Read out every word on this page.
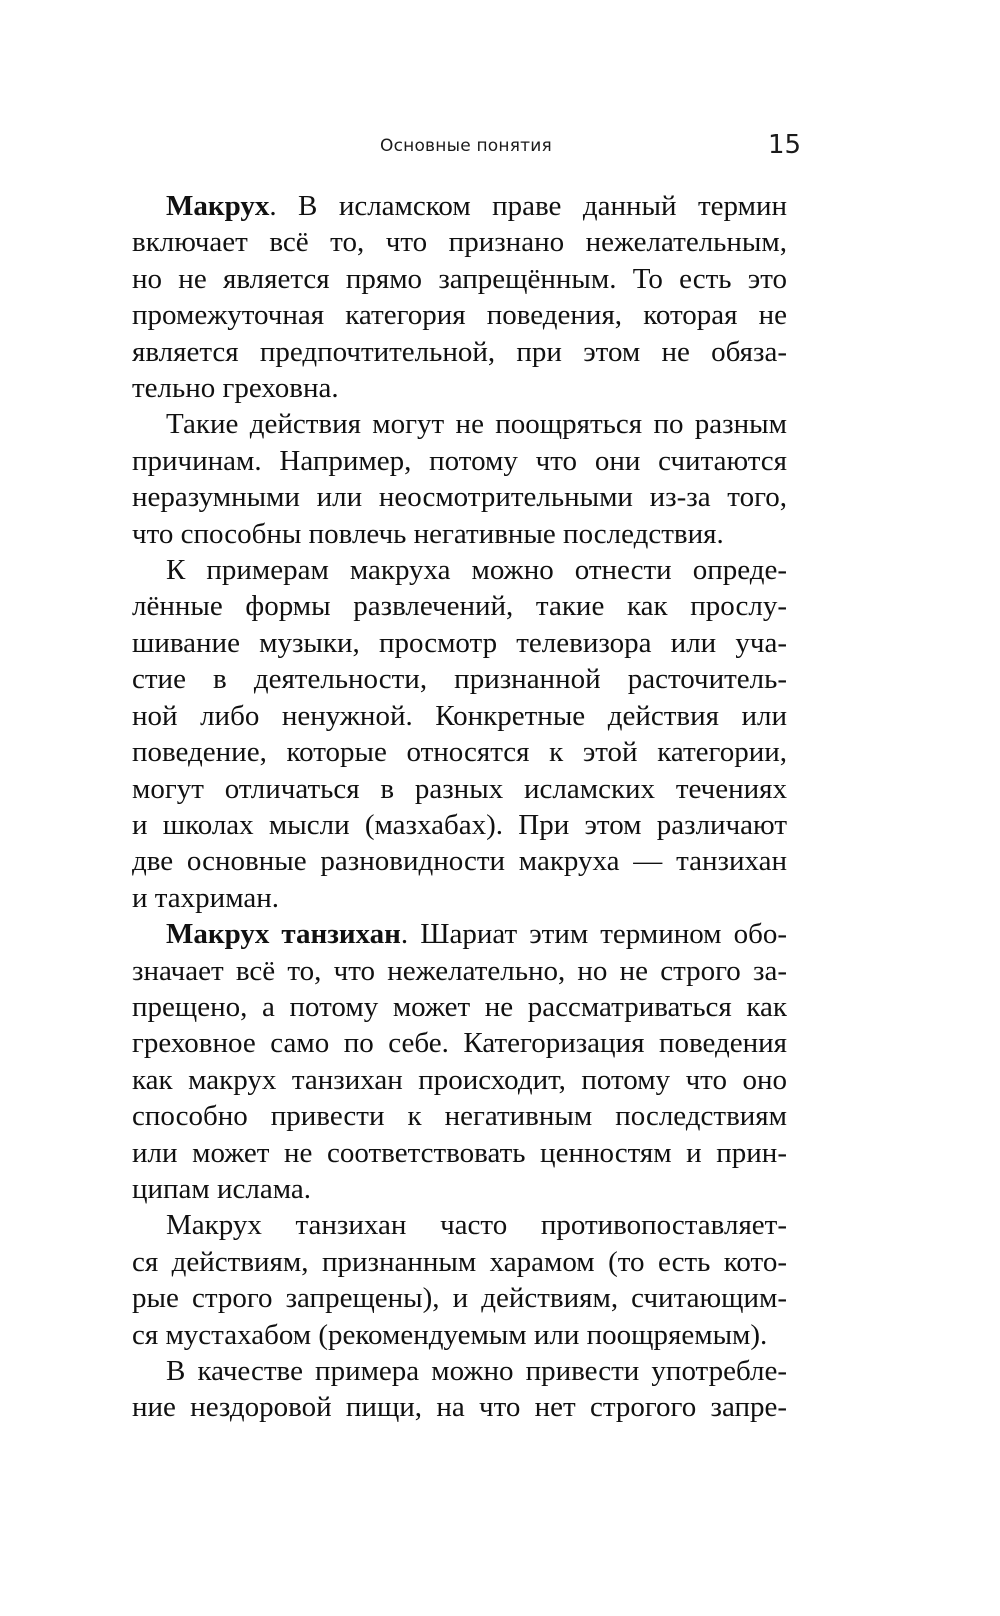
Основные понятия	15
Макрух. В исламском праве данный термин
включает всё то, что признано нежелательным,
но не является прямо запрещённым. То есть это
промежуточная категория поведения, которая не
является предпочтительной, при этом не обяза-
тельно греховна.
Такие действия могут не поощряться по разным
причинам. Например, потому что они считаются
неразумными или неосмотрительными из-за того,
что способны повлечь негативные последствия.
К примерам макруха можно отнести опреде-
лённые формы развлечений, такие как прослу-
шивание музыки, просмотр телевизора или уча-
стие в деятельности, признанной расточитель-
ной либо ненужной. Конкретные действия или
поведение, которые относятся к этой категории,
могут отличаться в разных исламских течениях
и школах мысли (мазхабах). При этом различают
две основные разновидности макруха — танзихан
и тахриман.
Макрух танзихан. Шариат этим термином обо-
значает всё то, что нежелательно, но не строго за-
прещено, а потому может не рассматриваться как
греховное само по себе. Категоризация поведения
как макрух танзихан происходит, потому что оно
способно привести к негативным последствиям
или может не соответствовать ценностям и прин-
ципам ислама.
Макрух танзихан часто противопоставляет-
ся действиям, признанным харамом (то есть кото-
рые строго запрещены), и действиям, считающим-
ся мустахабом (рекомендуемым или поощряемым).
В качестве примера можно привести употребле-
ние нездоровой пищи, на что нет строгого запре-
